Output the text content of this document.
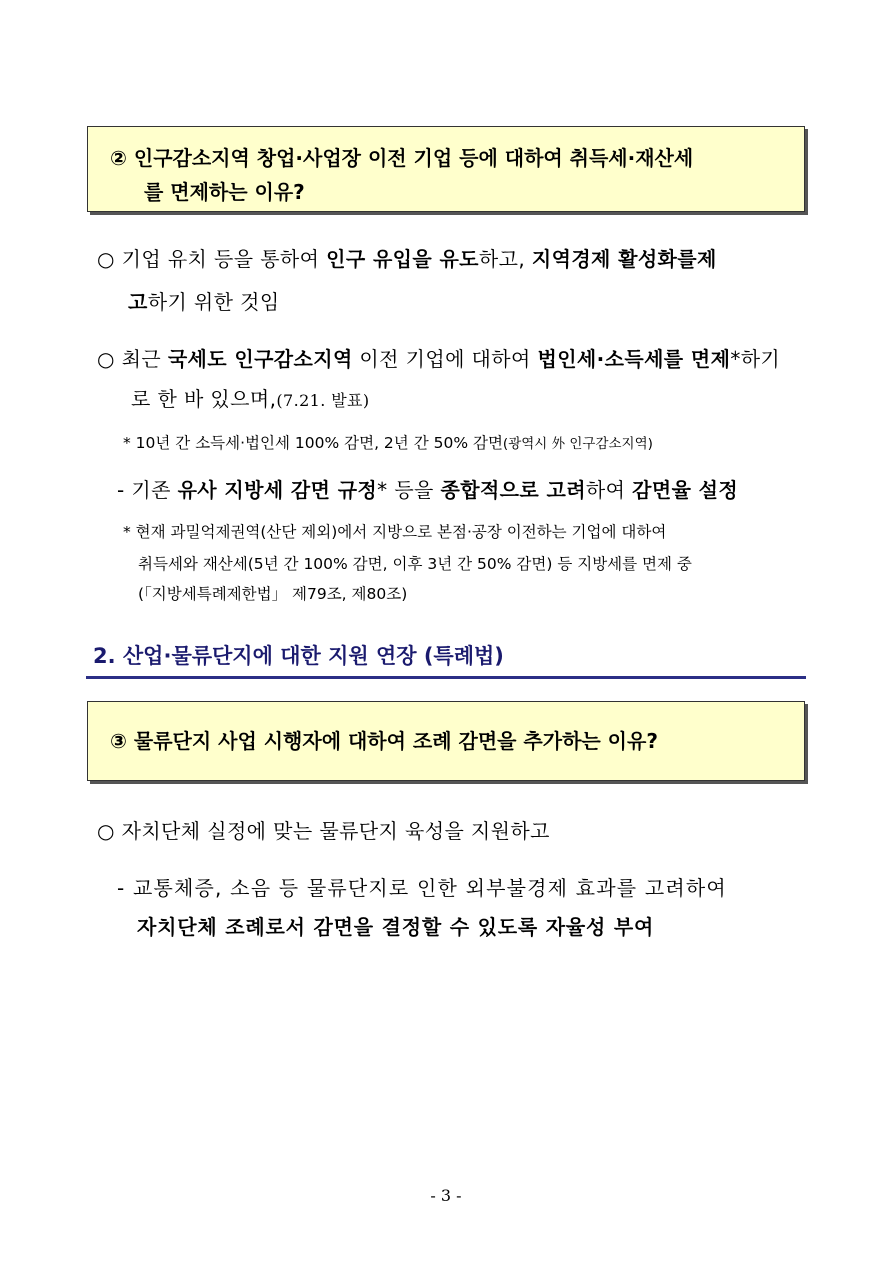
② 인구감소지역 창업·사업장 이전 기업 등에 대하여 취득세·재산세
를 면제하는 이유?
○ 기업 유치 등을 통하여 인구 유입을 유도하고, 지역경제 활성화를제
고하기 위한 것임
○ 최근 국세도 인구감소지역 이전 기업에 대하여 법인세·소득세를 면제*하기
로 한 바 있으며,(7.21. 발표)
* 10년 간 소득세·법인세 100% 감면, 2년 간 50% 감면(광역시 外 인구감소지역)
- 기존 유사 지방세 감면 규정* 등을 종합적으로 고려하여 감면율 설정
* 현재 과밀억제권역(산단 제외)에서 지방으로 본점·공장 이전하는 기업에 대하여
취득세와 재산세(5년 간 100% 감면, 이후 3년 간 50% 감면) 등 지방세를 면제 중
(「지방세특례제한법」 제79조, 제80조)
2. 산업·물류단지에 대한 지원 연장 (특례법)
③ 물류단지 사업 시행자에 대하여 조례 감면을 추가하는 이유?
○ 자치단체 실정에 맞는 물류단지 육성을 지원하고
- 교통체증, 소음 등 물류단지로 인한 외부불경제 효과를 고려하여
자치단체 조례로서 감면을 결정할 수 있도록 자율성 부여
- 3 -
